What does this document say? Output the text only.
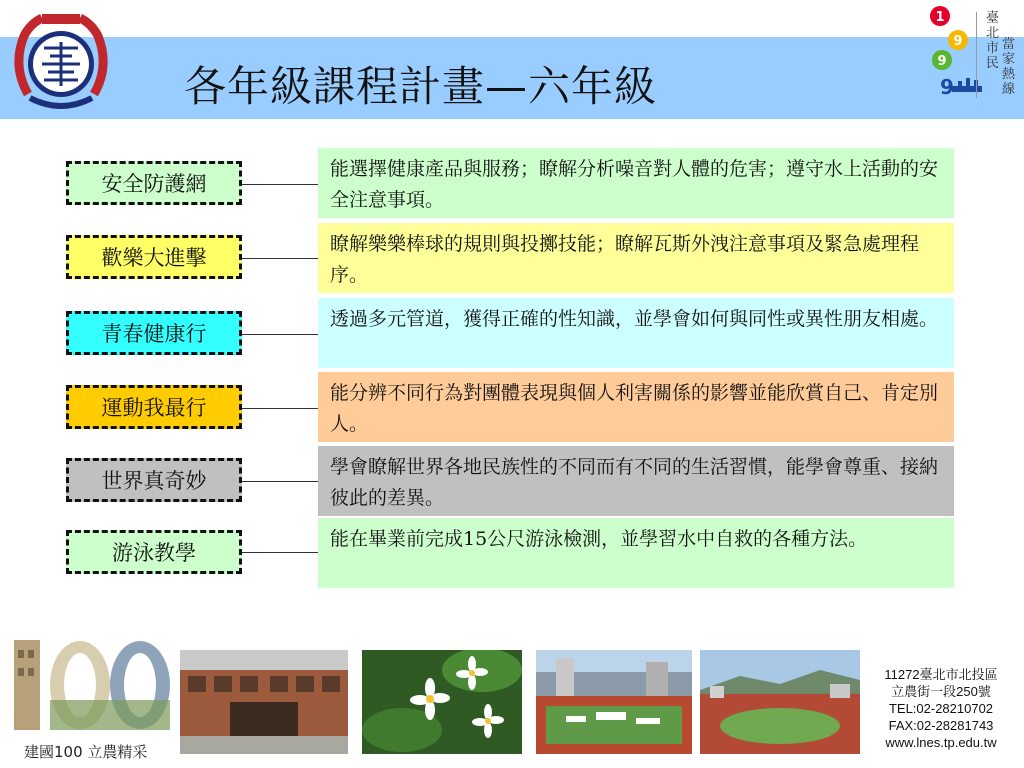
各年級課程計畫—六年級
1
9
9
9
臺
北
市
民
當
家
熱
線
安全防護網
能選擇健康產品與服務；瞭解分析噪音對人體的危害；遵守水上活動的安全注意事項。
歡樂大進擊
瞭解樂樂棒球的規則與投擲技能；瞭解瓦斯外洩注意事項及緊急處理程序。
青春健康行
透過多元管道，獲得正確的性知識，並學會如何與同性或異性朋友相處。
運動我最行
能分辨不同行為對團體表現與個人利害關係的影響並能欣賞自己、肯定別人。
世界真奇妙
學會瞭解世界各地民族性的不同而有不同的生活習慣，能學會尊重、接納彼此的差異。
游泳教學
能在畢業前完成15公尺游泳檢測，並學習水中自救的各種方法。
建國100 立農精采
11272臺北市北投區
立農街一段250號
TEL:02-28210702
FAX:02-28281743
www.lnes.tp.edu.tw
